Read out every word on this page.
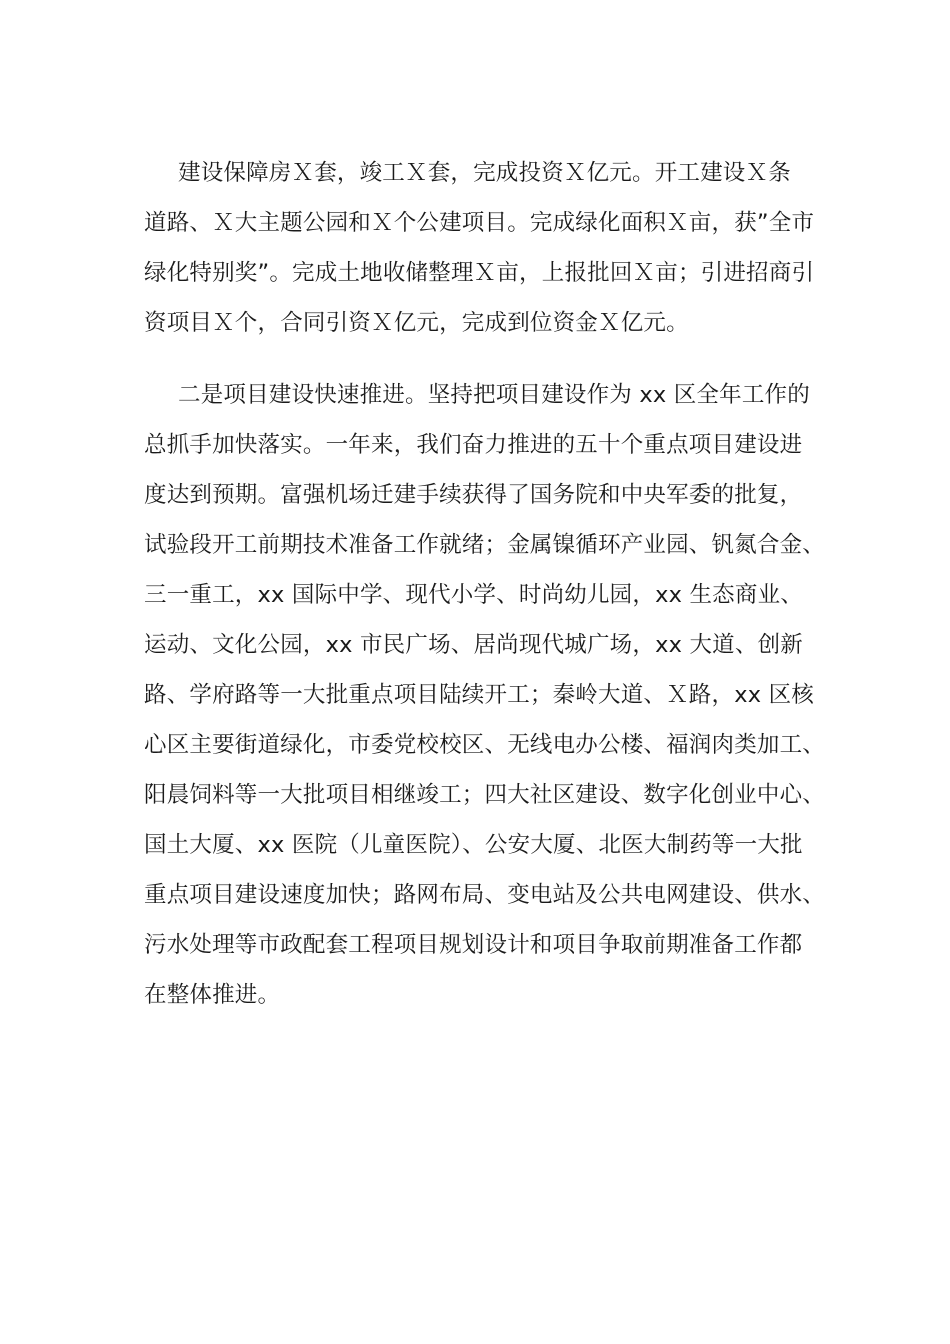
建设保障房Ｘ套，竣工Ｘ套，完成投资Ｘ亿元。开工建设Ｘ条
道路、Ｘ大主题公园和Ｘ个公建项目。完成绿化面积Ｘ亩，获”全市
绿化特别奖”。完成土地收储整理Ｘ亩，上报批回Ｘ亩；引进招商引
资项目Ｘ个，合同引资Ｘ亿元，完成到位资金Ｘ亿元。
二是项目建设快速推进。坚持把项目建设作为 xx 区全年工作的
总抓手加快落实。一年来，我们奋力推进的五十个重点项目建设进
度达到预期。富强机场迁建手续获得了国务院和中央军委的批复，
试验段开工前期技术准备工作就绪；金属镍循环产业园、钒氮合金、
三一重工，xx 国际中学、现代小学、时尚幼儿园，xx 生态商业、
运动、文化公园，xx 市民广场、居尚现代城广场，xx 大道、创新
路、学府路等一大批重点项目陆续开工；秦岭大道、Ｘ路，xx 区核
心区主要街道绿化，市委党校校区、无线电办公楼、福润肉类加工、
阳晨饲料等一大批项目相继竣工；四大社区建设、数字化创业中心、
国土大厦、xx 医院（儿童医院）、公安大厦、北医大制药等一大批
重点项目建设速度加快；路网布局、变电站及公共电网建设、供水、
污水处理等市政配套工程项目规划设计和项目争取前期准备工作都
在整体推进。
